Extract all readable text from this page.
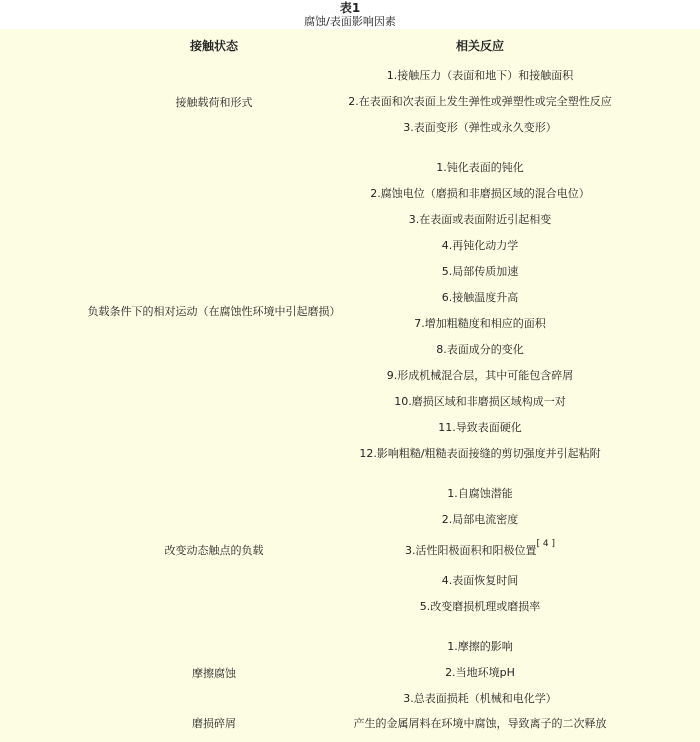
表1
腐蚀/表面影响因素
接触状态	相关反应
接触载荷和形式
1.接触压力（表面和地下）和接触面积
2.在表面和次表面上发生弹性或弹塑性或完全塑性反应
3.表面变形（弹性或永久变形）
负载条件下的相对运动（在腐蚀性环境中引起磨损）
1.钝化表面的钝化
2.腐蚀电位（磨损和非磨损区域的混合电位）
3.在表面或表面附近引起相变
4.再钝化动力学
5.局部传质加速
6.接触温度升高
7.增加粗糙度和相应的面积
8.表面成分的变化
9.形成机械混合层，其中可能包含碎屑
10.磨损区域和非磨损区域构成一对
11.导致表面硬化
12.影响粗糙/粗糙表面接缝的剪切强度并引起粘附
改变动态触点的负载
1.自腐蚀潜能
2.局部电流密度
3.活性阳极面积和阳极位置[ 4 ]
4.表面恢复时间
5.改变磨损机理或磨损率
摩擦腐蚀
1.摩擦的影响
2.当地环境pH
3.总表面损耗（机械和电化学）
磨损碎屑	产生的金属屑料在环境中腐蚀，导致离子的二次释放
